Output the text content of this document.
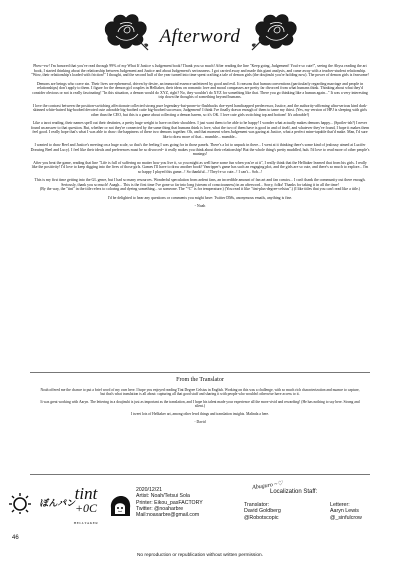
Afterword

Phew~ew! I'm honored that you've read through 99% of my What If Justice x Judgement book! Thank you so much! After reading the line "Keep going, Judgement! You're so cute!", seeing the Abyss reading the art book, I started thinking about the relationship between Judgement and Justice and about Judgement's seriousness. I got carried away and made this giant analysis, and came away with a teacher-student relationship. "Wow, their relationship's loaded with friction!" I thought, and the second half of the year turned into time spent crafting a tale of demon girls (the doujinshi you're holding now). The power of demon girls is fearsome!

Demons are beings who crave sin. Their lives are ephemeral, driven by desire, an immortal essence unfettered by good and evil. It reasons that human conventions (particularly regarding marriage and people in relationships) don't apply to them. I figure for the demon girl couples in Helltaker, their ideas on romantic love and moral compasses are pretty far divorced from what humans think. Thinking about what they'd consider obvious or not is really fascinating! "In this situation, a demon would do XYZ, right? No, they wouldn't do XYZ for something like that. There you go thinking like a human again..." It was a very interesting trip down the thoughts of something beyond humans.

I love the contrast between the position-switching affectionate collected strong pure legendary-but-prone-to-flashbacks doe-eyed handicapped predecessor, Justice, and the authority-affirming ultra-serious kind dark-skinned white-haired big-boobed devoted cute adorable big-boobed cutie big-boobed successor, Judgement! I think I've finally drawn enough of them to tame my thirst. (Yes, my version of HPJ is sleeping with girls other than the CEO, but this is a game about collecting a demon harem, so it's OK. I love cute girls switching top and bottom! It's adorable!)

Like a tarot reading, their names spell out their destinies, a pretty huge weight to have on their shoulders. I just want them to be able to be happy! I wonder what actually makes demons happy... (Spoiler-ish?) I never found an answer to that question. But, whether or not they're connected by the same thing that humans think is love, what the two of them have is good in and of itself, and whatever they've found, I hope it makes them feel good. I really hope that's what I was able to draw: the happiness of these two demons together. Oh, and that moment when Judgement was gazing at Justice, what a perfect mine-tapable that'd make. Man, I'd sure like to draw more of that... mumble... mumble...

I wanted to draw Beel and Justice's meeting on a huge scale, so that's the feeling I was going for in those panels. There's a lot to unpack in there... I went at it thinking there's some kind of jealousy aimed at Lucifer Drawing Beel and Lucy). I feel like their ideals and preferences must be so divorced~ it really makes you think about their relationship! But the whole thing's pretty muddled, huh. I'd love to read more of other people's musings!

After you beat the game, reading that line "Life is full of suffering no matter how you live it, so you might as well have some fun when you're at it", I really think that the Helltaker learned that from his girls. I really like the positivity! I'd love to keep digging into the lives of those girls. Games I'll have to draw another book? Vanripper's game has such an engaging plot, and the girls are so cute, and there's so much to explore... I'm so happy I played this game...! So thankful...! They're so cute...! I can't... Sob...!

This is my first time getting into the GL genre, but I had so many resources. Wonderful speculation from ardent fans, an incredible amount of fan art and fan comics... I can't thank the community out there enough. Seriously, thank you so much! Aaagh... This is the first time I've gone so far into long (stream of consciousness) in an afterword... Sorry, folks! Thanks for taking it in all the time!

(By the way, the "tint" in the title refers to coloring and dyeing something... so someone. The "°C" is for temperature.) (You read it like "tint-plus-degree-celsius".) (I like titles that you can't read like a title.)

I'd be delighted to hear any questions or comments you might have: Twitter DMs, anonymous emails, anything is fine.

- Noah
From the Translator

Noah offered me the chance to put a brief word of my own here. I hope you enjoyed reading Tint Degree Celsius in English. Working on this was a challenge, with so much rich characterization and nuance to capture, but that's what translation is all about: capturing all that good stuff and sharing it with people who wouldn't otherwise have access to it.

It was great working with Aaryn. The lettering in a doujinshi is just as important as the translation, and I hope his talent made your experience all the more vivid and rewarding! (He has nothing to say here. Strong and silent.)

I tweet lots of Helltaker art, among other lewd things and translation insights. Malinda a here.

- David

ぼんパン
tint
+0C
HELLTAKER
2020/12/21
Artist: Noah/Tetsui Sola
Printer: Eikou_pasFACTORY
Twitter: @noaharbre
Mail:noaxarbre@gmail.com
Abuguro ~♡
Localization Staff:
Translator:
David Goldberg
@Robotscopic
Letterer:
Aaryn Lewis
@_sinfulcrow
46
No reproduction or republication without written permission.
